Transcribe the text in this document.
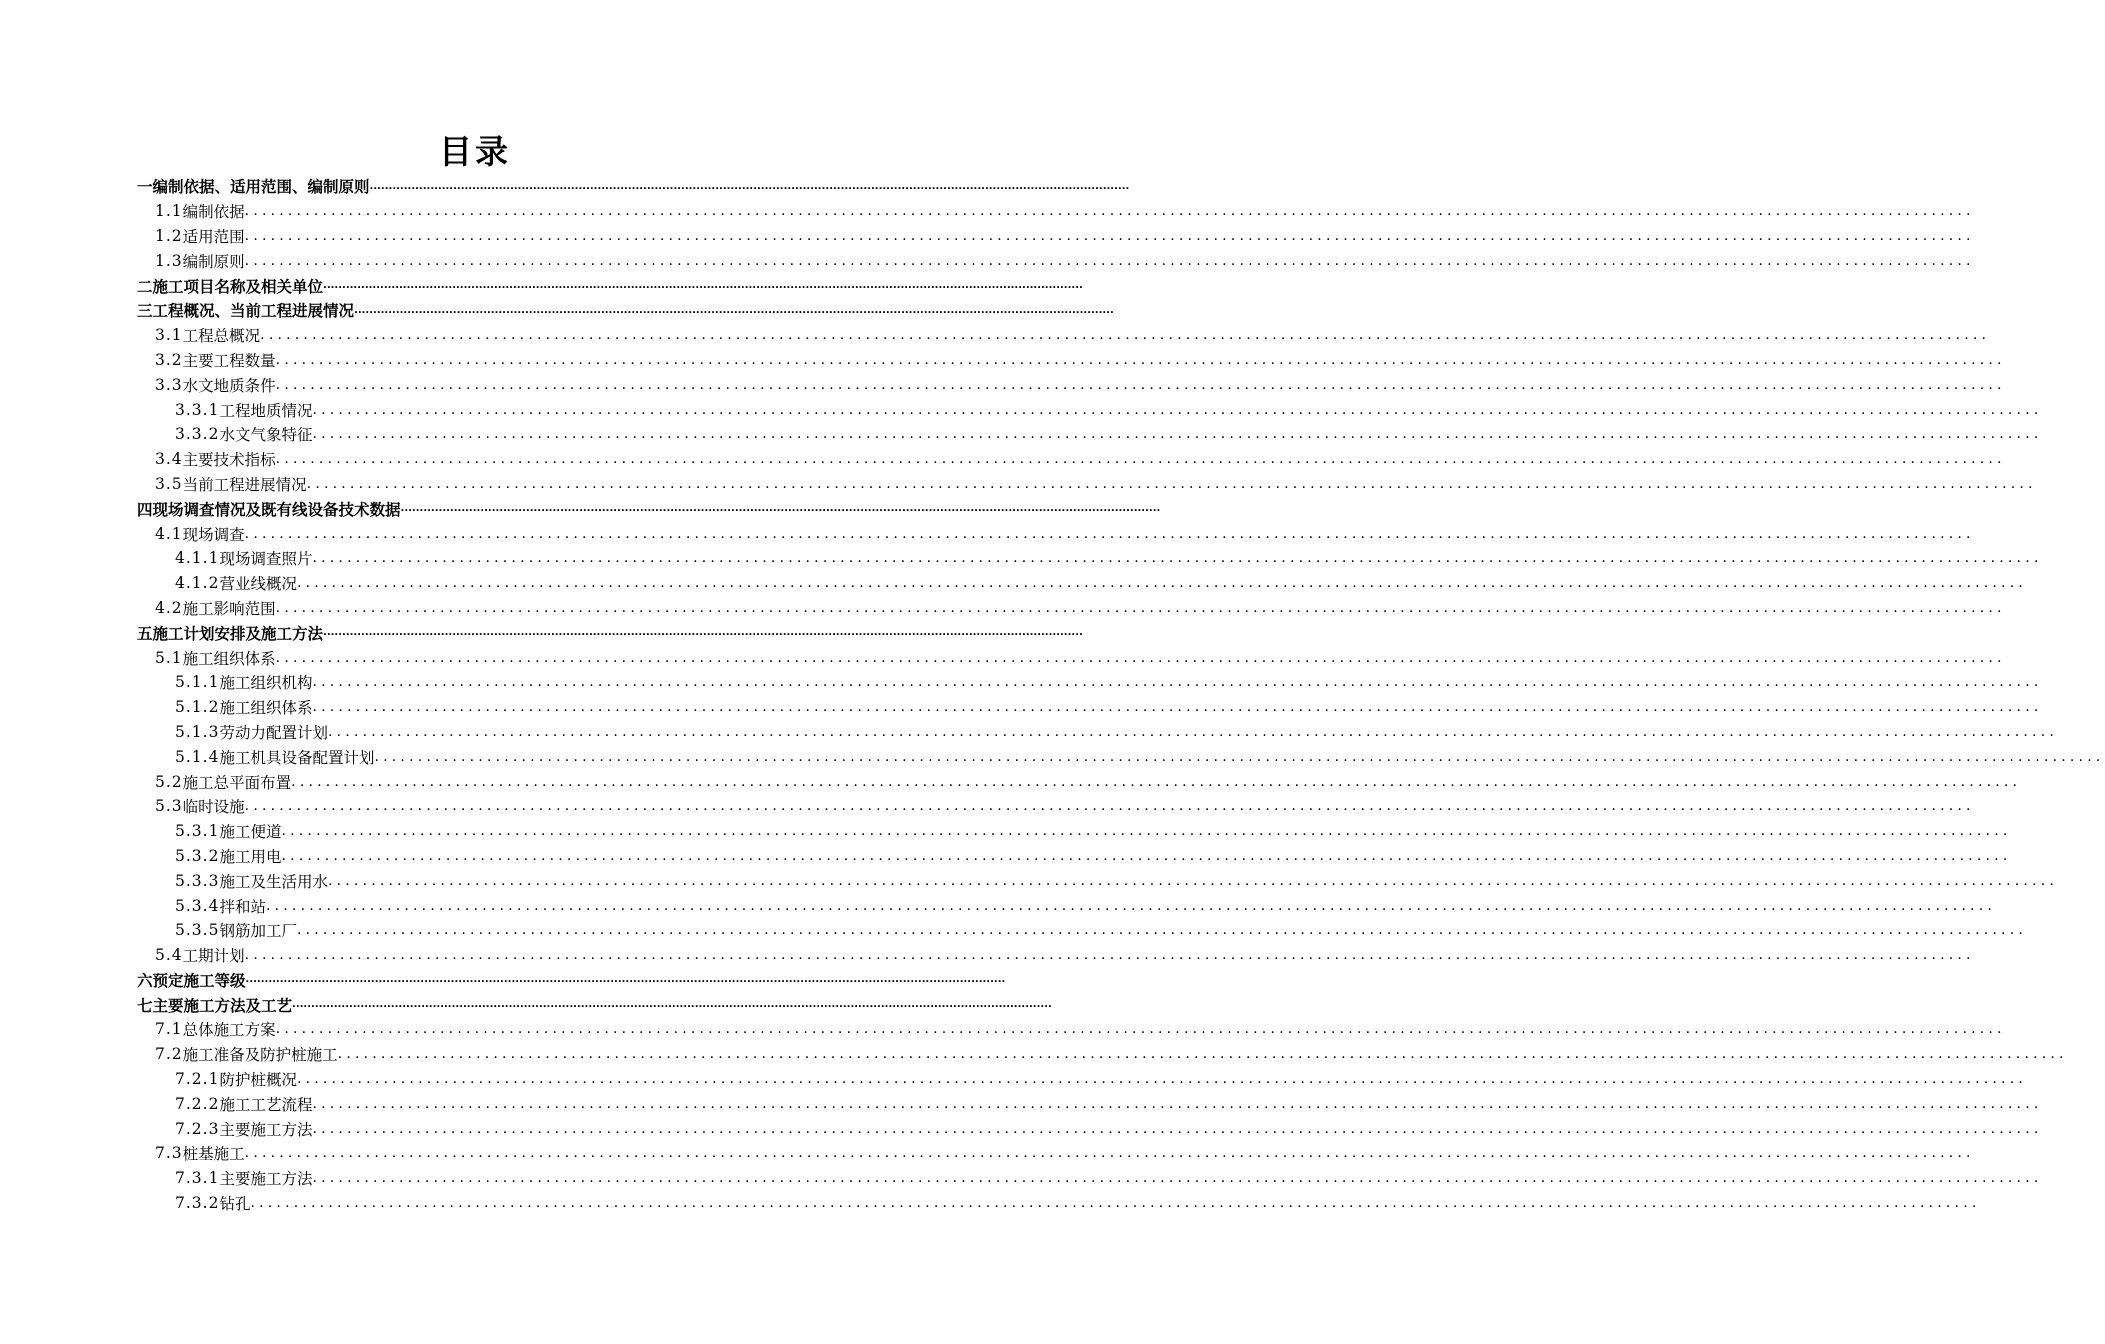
目录
一 编制依据、适用范围、编制原则 ........................................................................................................................................................................................................
1.1 编制依据 ........................................................................................................................................................................................................
1.2 适用范围 ........................................................................................................................................................................................................
1.3 编制原则 ........................................................................................................................................................................................................
二 施工项目名称及相关单位 ........................................................................................................................................................................................................
三 工程概况、当前工程进展情况 ........................................................................................................................................................................................................
3.1 工程总概况 ........................................................................................................................................................................................................
3.2 主要工程数量 ........................................................................................................................................................................................................
3.3 水文地质条件 ........................................................................................................................................................................................................
3.3.1 工程地质情况 ........................................................................................................................................................................................................
3.3.2 水文气象特征 ........................................................................................................................................................................................................
3.4 主要技术指标 ........................................................................................................................................................................................................
3.5 当前工程进展情况 ........................................................................................................................................................................................................
四 现场调查情况及既有线设备技术数据 ........................................................................................................................................................................................................
4.1 现场调查 ........................................................................................................................................................................................................
4.1.1 现场调查照片 ........................................................................................................................................................................................................
4.1.2 营业线概况 ........................................................................................................................................................................................................
4.2 施工影响范围 ........................................................................................................................................................................................................
五 施工计划安排及施工方法 ........................................................................................................................................................................................................
5.1 施工组织体系 ........................................................................................................................................................................................................
5.1.1 施工组织机构 ........................................................................................................................................................................................................
5.1.2 施工组织体系 ........................................................................................................................................................................................................
5.1.3 劳动力配置计划 ........................................................................................................................................................................................................
5.1.4 施工机具设备配置计划 ........................................................................................................................................................................................................
5.2 施工总平面布置 ........................................................................................................................................................................................................
5.3 临时设施 ........................................................................................................................................................................................................
5.3.1 施工便道 ........................................................................................................................................................................................................
5.3.2 施工用电 ........................................................................................................................................................................................................
5.3.3 施工及生活用水 ........................................................................................................................................................................................................
5.3.4 拌和站 ........................................................................................................................................................................................................
5.3.5 钢筋加工厂 ........................................................................................................................................................................................................
5.4 工期计划 ........................................................................................................................................................................................................
六 预定施工等级 ........................................................................................................................................................................................................
七 主要施工方法及工艺 ........................................................................................................................................................................................................
7.1 总体施工方案 ........................................................................................................................................................................................................
7.2 施工准备及防护桩施工 ........................................................................................................................................................................................................
7.2.1 防护桩概况 ........................................................................................................................................................................................................
7.2.2 施工工艺流程 ........................................................................................................................................................................................................
7.2.3 主要施工方法 ........................................................................................................................................................................................................
7.3 桩基施工 ........................................................................................................................................................................................................
7.3.1 主要施工方法 ........................................................................................................................................................................................................
7.3.2 钻孔 ........................................................................................................................................................................................................
